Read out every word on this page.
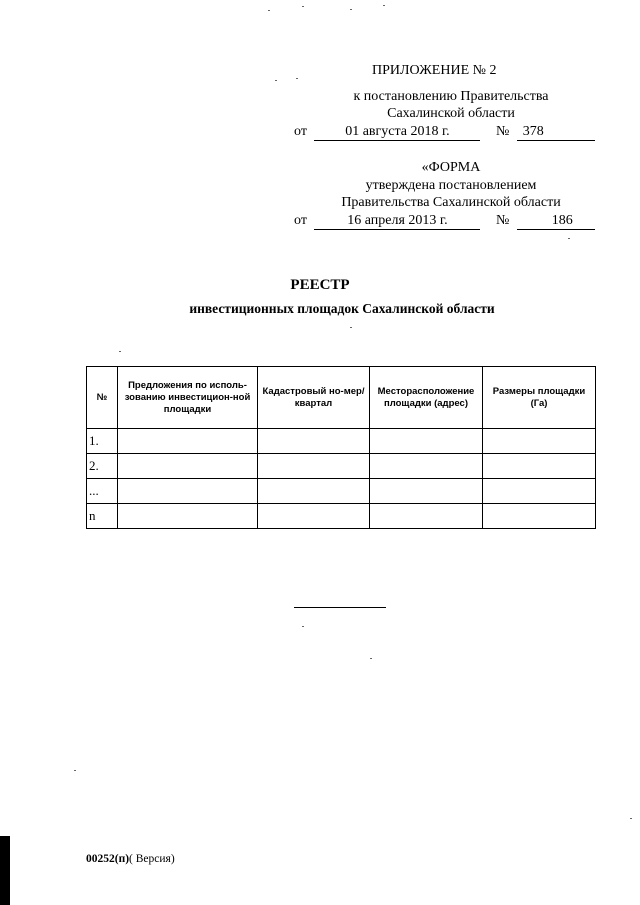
ПРИЛОЖЕНИЕ № 2
к постановлению Правительства
Сахалинской области
от	01 августа 2018 г.	№ 378
«ФОРМА
утверждена постановлением
Правительства Сахалинской области
от	16 апреля 2013 г.	№	186
РЕЕСТР
инвестиционных площадок Сахалинской области
№	Предложения по исполь-зованию инвестицион-ной площадки	Кадастровый но-мер/квартал	Месторасположение площадки (адрес)	Размеры площадки (Га)
1.				
2.				
...				
n				
00252(п)( Версия)
